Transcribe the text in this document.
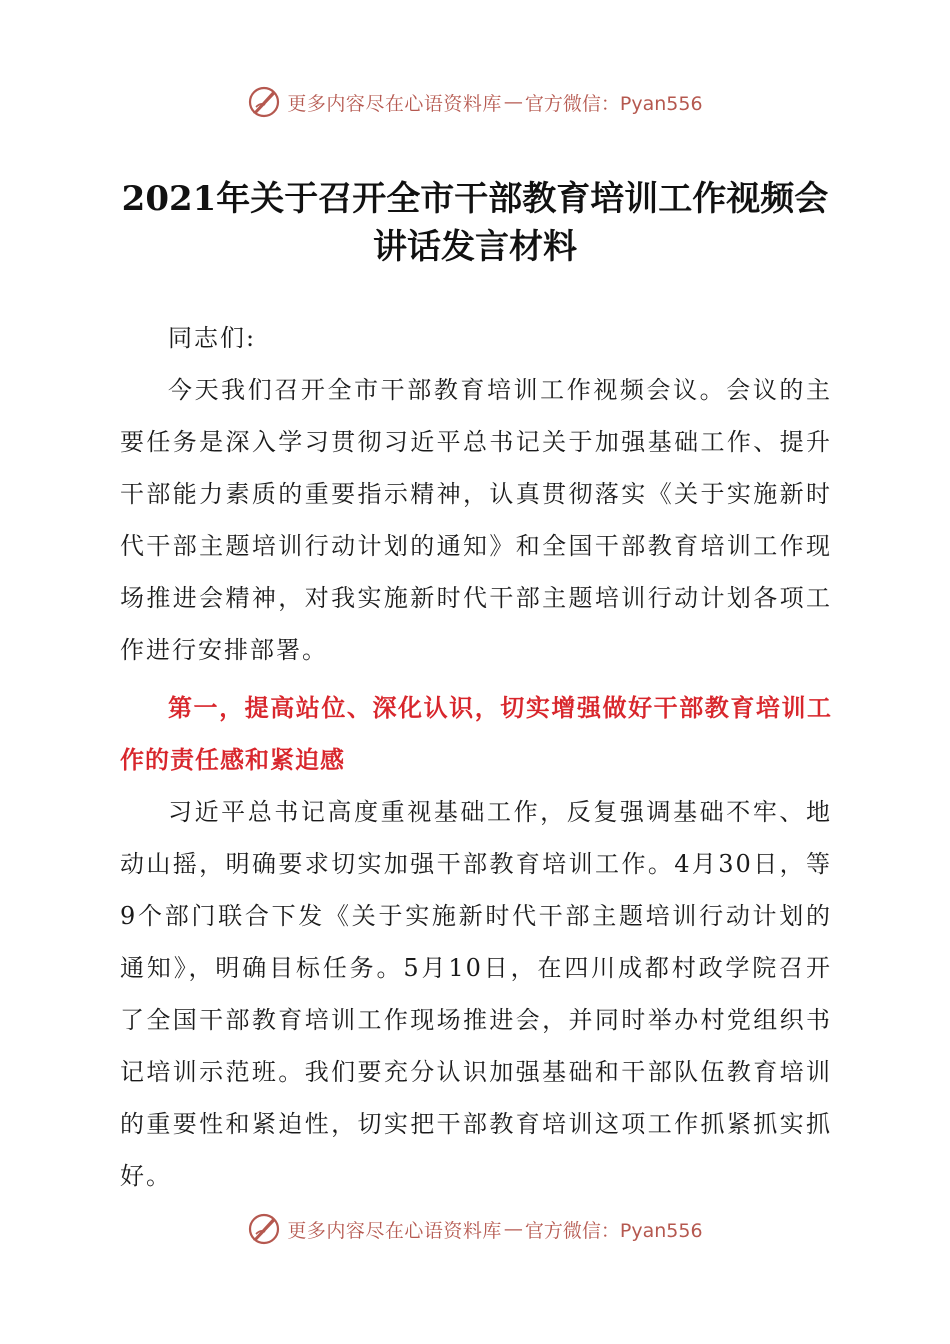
更多内容尽在心语资料库 — 官方微信：Pyan556
2021年关于召开全市干部教育培训工作视频会
讲话发言材料

同志们:

今天我们召开全市干部教育培训工作视频会议。会议的主要任务是深入学习贯彻习近平总书记关于加强基础工作、提升干部能力素质的重要指示精神，认真贯彻落实《关于实施新时代干部主题培训行动计划的通知》和全国干部教育培训工作现场推进会精神，对我实施新时代干部主题培训行动计划各项工作进行安排部署。

第一，提高站位、深化认识，切实增强做好干部教育培训工作的责任感和紧迫感

习近平总书记高度重视基础工作，反复强调基础不牢、地动山摇，明确要求切实加强干部教育培训工作。4月30日，等9个部门联合下发《关于实施新时代干部主题培训行动计划的通知》，明确目标任务。5月10日，在四川成都村政学院召开了全国干部教育培训工作现场推进会，并同时举办村党组织书记培训示范班。我们要充分认识加强基础和干部队伍教育培训的重要性和紧迫性，切实把干部教育培训这项工作抓紧抓实抓好。

更多内容尽在心语资料库 — 官方微信：Pyan556
